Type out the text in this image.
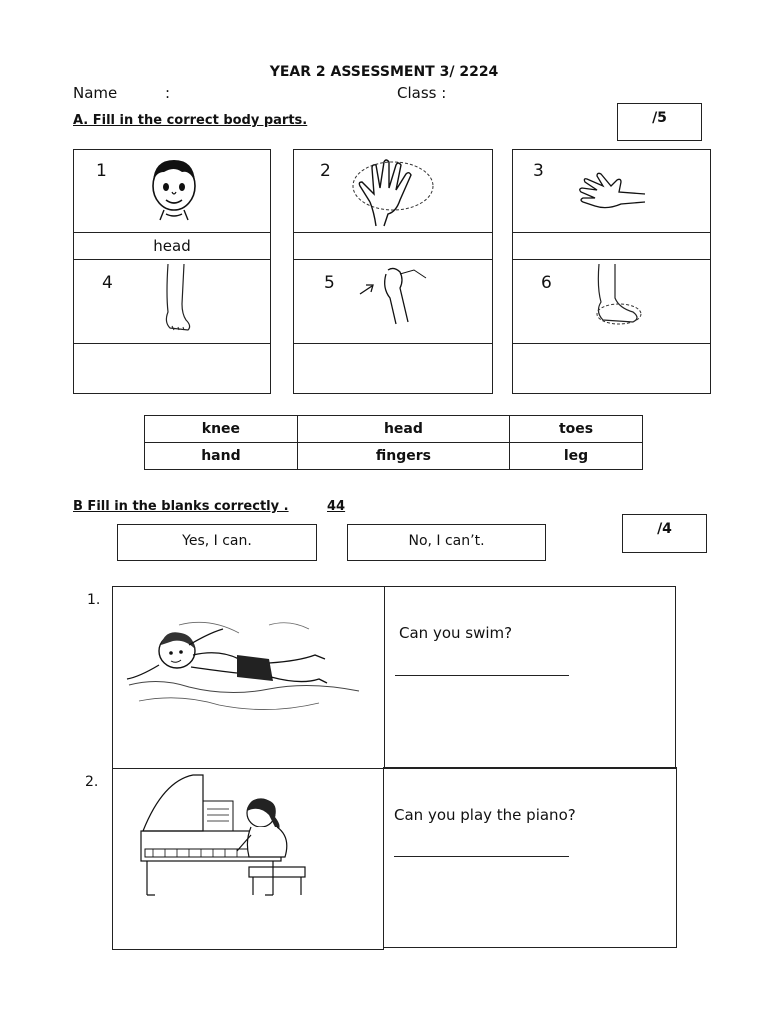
YEAR 2 ASSESSMENT 3/ 2224
Name	:	Class :
A. Fill in the correct body parts.	/5
1
head
2	3
4	5	6
knee	head	toes
hand	fingers	leg
B Fill in the blanks correctly .	44
/4
Yes, I can.	No, I can’t.
1.
Can you swim?
2.
Can you play the piano?
